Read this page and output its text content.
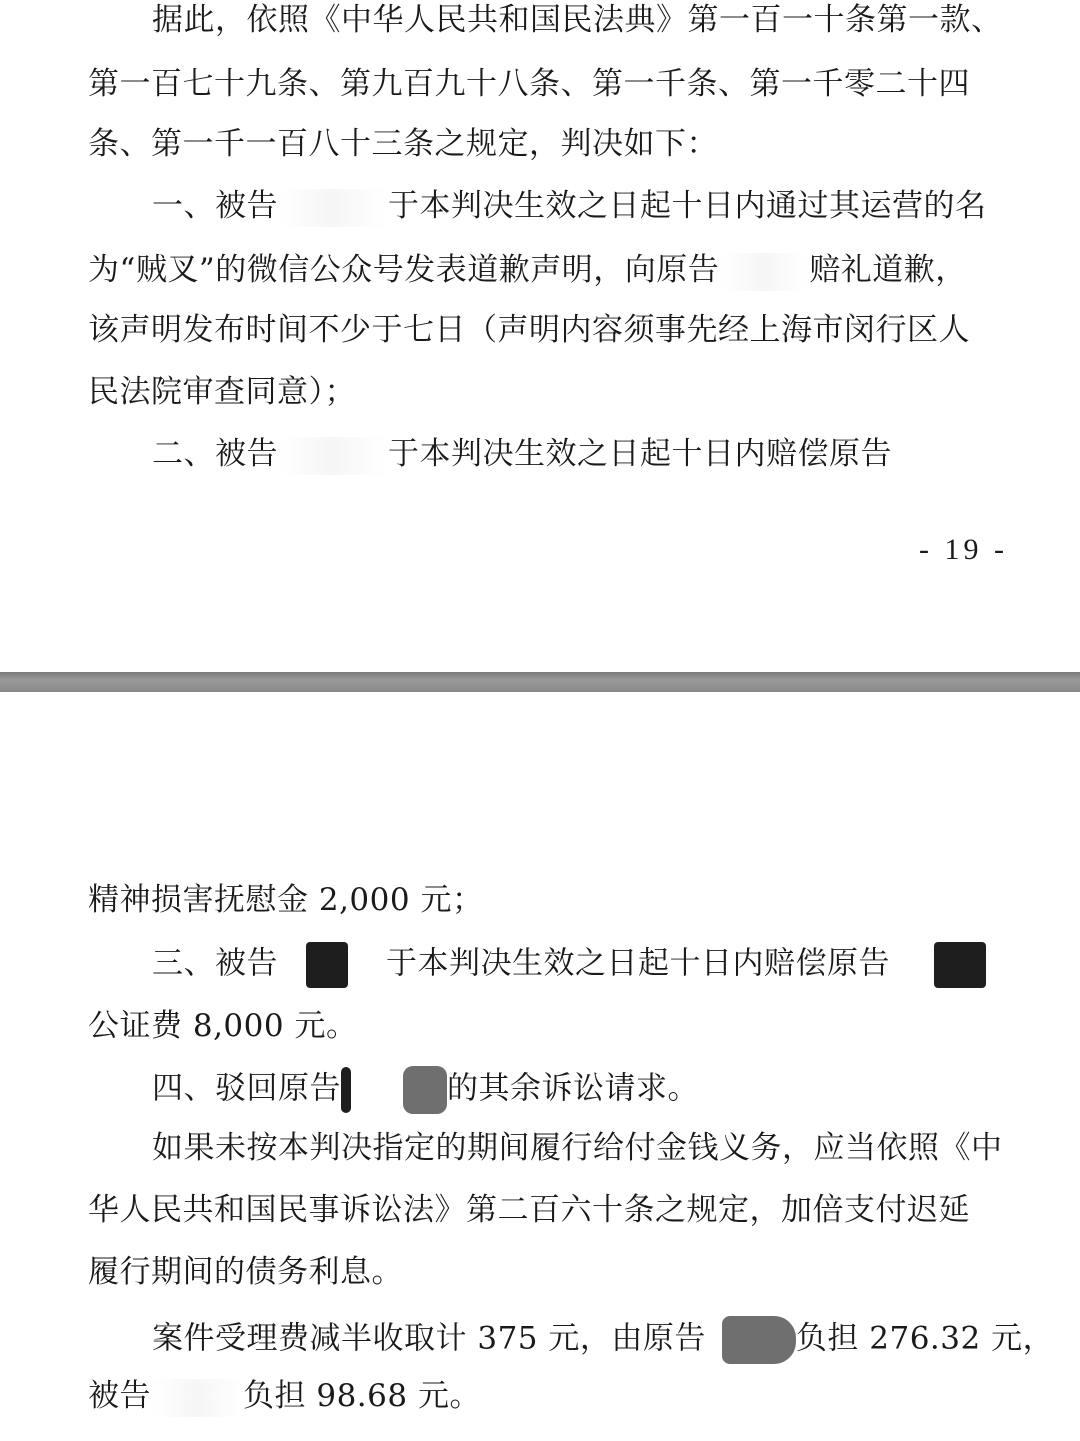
据此，依照《中华人民共和国民法典》第一百一十条第一款、
第一百七十九条、第九百九十八条、第一千条、第一千零二十四
条、第一千一百八十三条之规定，判决如下：
一、被告	于本判决生效之日起十日内通过其运营的名
为“贼叉”的微信公众号发表道歉声明，向原告	赔礼道歉，
该声明发布时间不少于七日（声明内容须事先经上海市闵行区人
民法院审查同意）；
二、被告	于本判决生效之日起十日内赔偿原告
- 19 -
精神损害抚慰金 2,000 元；
三、被告	于本判决生效之日起十日内赔偿原告
公证费 8,000 元。
四、驳回原告	的其余诉讼请求。
如果未按本判决指定的期间履行给付金钱义务，应当依照《中
华人民共和国民事诉讼法》第二百六十条之规定，加倍支付迟延
履行期间的债务利息。
案件受理费减半收取计 375 元，由原告	负担 276.32 元，
被告	负担 98.68 元。
